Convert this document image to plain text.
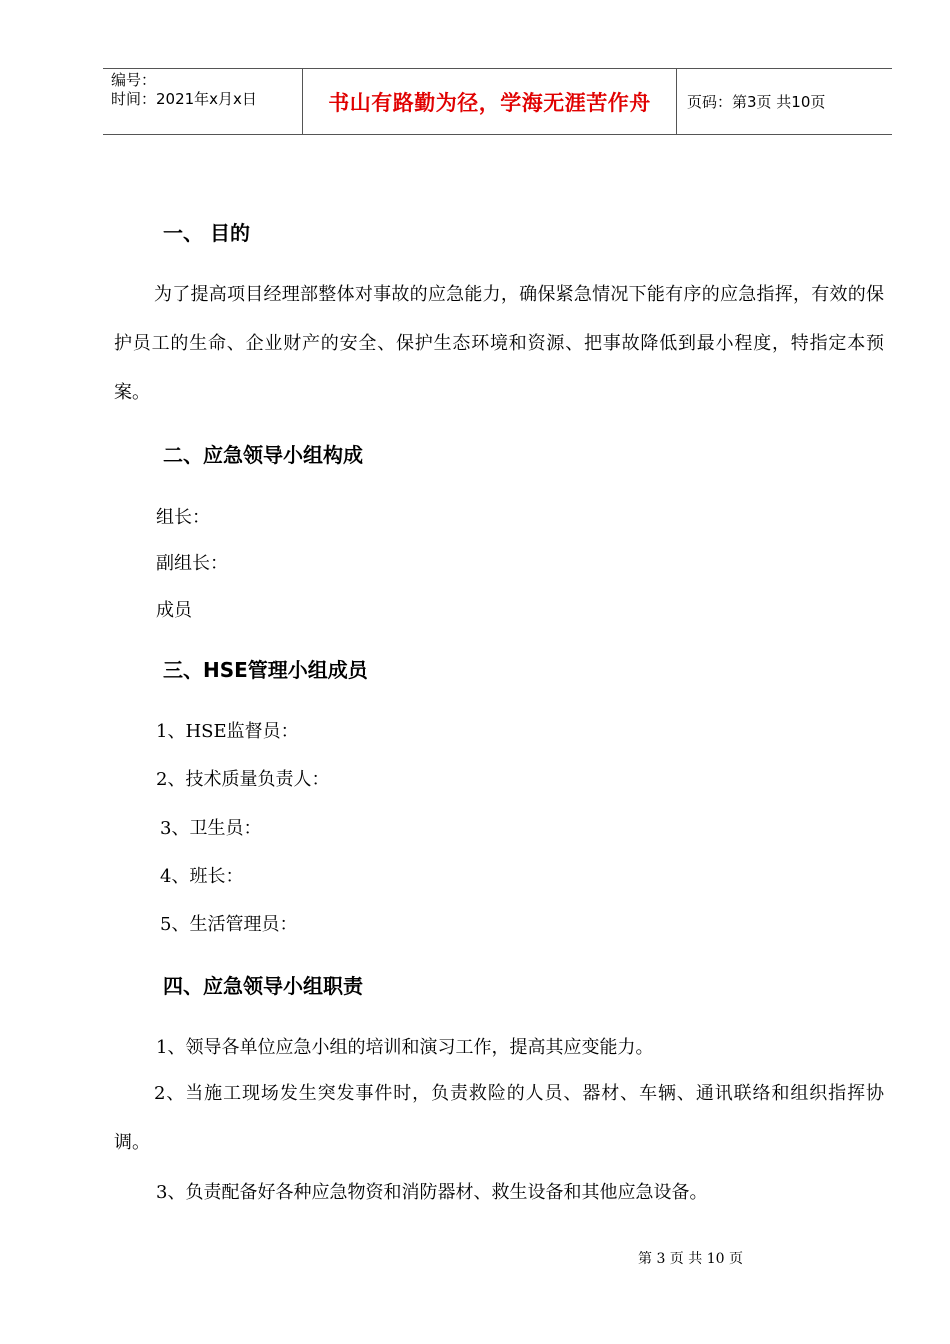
编号：
时间：2021年x月x日	书山有路勤为径，学海无涯苦作舟 页码：第3页 共10页
一、 目的
为了提高项目经理部整体对事故的应急能力，确保紧急情况下能有序的应急指挥，有效的保护员工的生命、企业财产的安全、保护生态环境和资源、把事故降低到最小程度，特指定本预案。
二、应急领导小组构成
组长：
副组长：
成员
三、HSE管理小组成员
1、HSE监督员：
2、技术质量负责人：
3、卫生员：
4、班长：
5、生活管理员：
四、应急领导小组职责
1、领导各单位应急小组的培训和演习工作，提高其应变能力。
2、当施工现场发生突发事件时，负责救险的人员、器材、车辆、通讯联络和组织指挥协调。
3、负责配备好各种应急物资和消防器材、救生设备和其他应急设备。
第 3 页 共 10 页
